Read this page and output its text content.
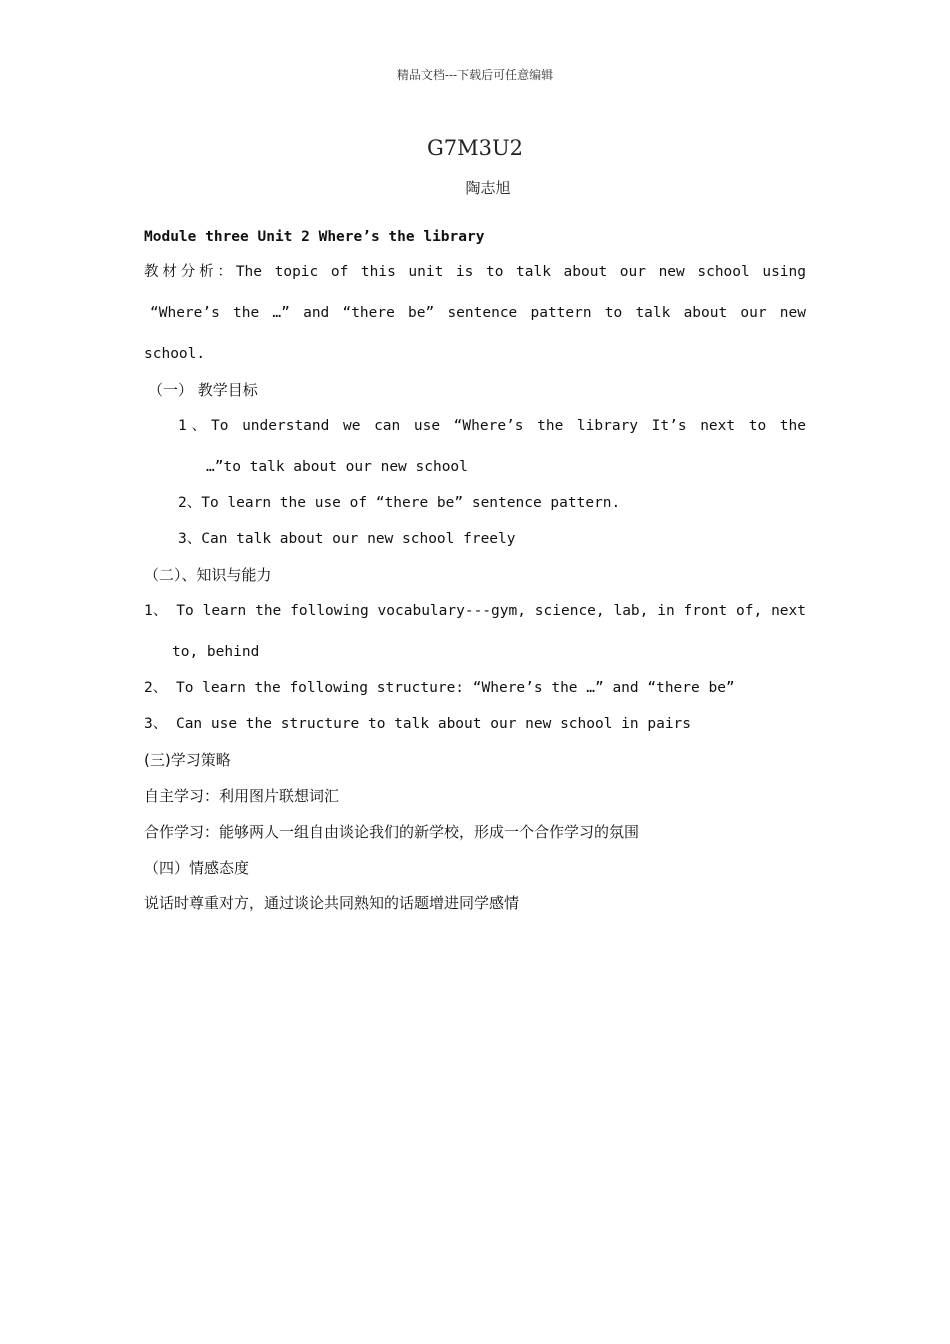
精品文档---下载后可任意编辑
G7M3U2
陶志旭
Module three Unit 2 Where’s the library
教材分析：The topic of this unit is to talk about our new school using
“Where’s the …” and “there be” sentence pattern to talk about our new
school.
（一） 教学目标
1、To understand we can use “Where’s the library It’s next to the
…”to talk about our new school
2、To learn the use of “there be” sentence pattern.
3、Can talk about our new school freely
（二）、知识与能力
1、 To learn the following vocabulary---gym, science, lab, in front of, next
to, behind
2、 To learn the following structure: “Where’s the …” and “there be”
3、 Can use the structure to talk about our new school in pairs
(三)学习策略
自主学习：利用图片联想词汇
合作学习：能够两人一组自由谈论我们的新学校，形成一个合作学习的氛围
（四）情感态度
说话时尊重对方，通过谈论共同熟知的话题增进同学感情
